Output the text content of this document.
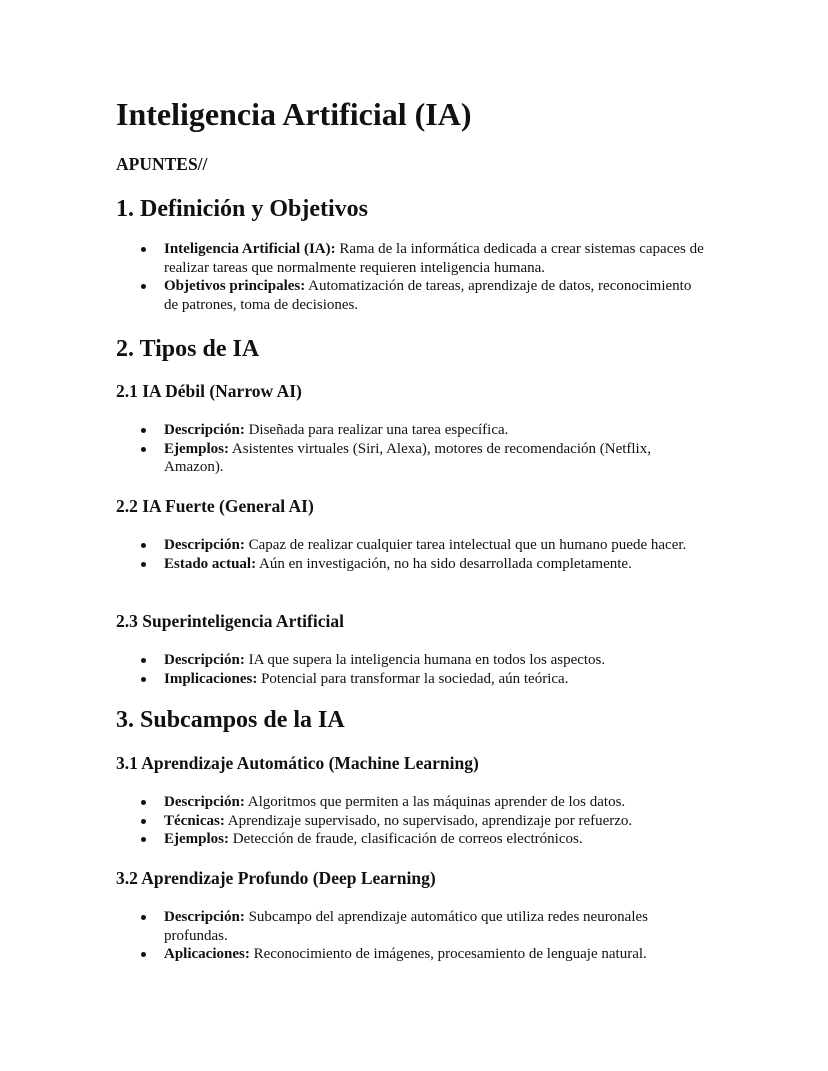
Inteligencia Artificial (IA)

APUNTES//

1. Definición y Objetivos
Inteligencia Artificial (IA): Rama de la informática dedicada a crear sistemas capaces de realizar tareas que normalmente requieren inteligencia humana.
Objetivos principales: Automatización de tareas, aprendizaje de datos, reconocimiento de patrones, toma de decisiones.
2. Tipos de IA
2.1 IA Débil (Narrow AI)
Descripción: Diseñada para realizar una tarea específica.
Ejemplos: Asistentes virtuales (Siri, Alexa), motores de recomendación (Netflix, Amazon).
2.2 IA Fuerte (General AI)
Descripción: Capaz de realizar cualquier tarea intelectual que un humano puede hacer.
Estado actual: Aún en investigación, no ha sido desarrollada completamente.
2.3 Superinteligencia Artificial
Descripción: IA que supera la inteligencia humana en todos los aspectos.
Implicaciones: Potencial para transformar la sociedad, aún teórica.
3. Subcampos de la IA
3.1 Aprendizaje Automático (Machine Learning)
Descripción: Algoritmos que permiten a las máquinas aprender de los datos.
Técnicas: Aprendizaje supervisado, no supervisado, aprendizaje por refuerzo.
Ejemplos: Detección de fraude, clasificación de correos electrónicos.
3.2 Aprendizaje Profundo (Deep Learning)
Descripción: Subcampo del aprendizaje automático que utiliza redes neuronales profundas.
Aplicaciones: Reconocimiento de imágenes, procesamiento de lenguaje natural.
